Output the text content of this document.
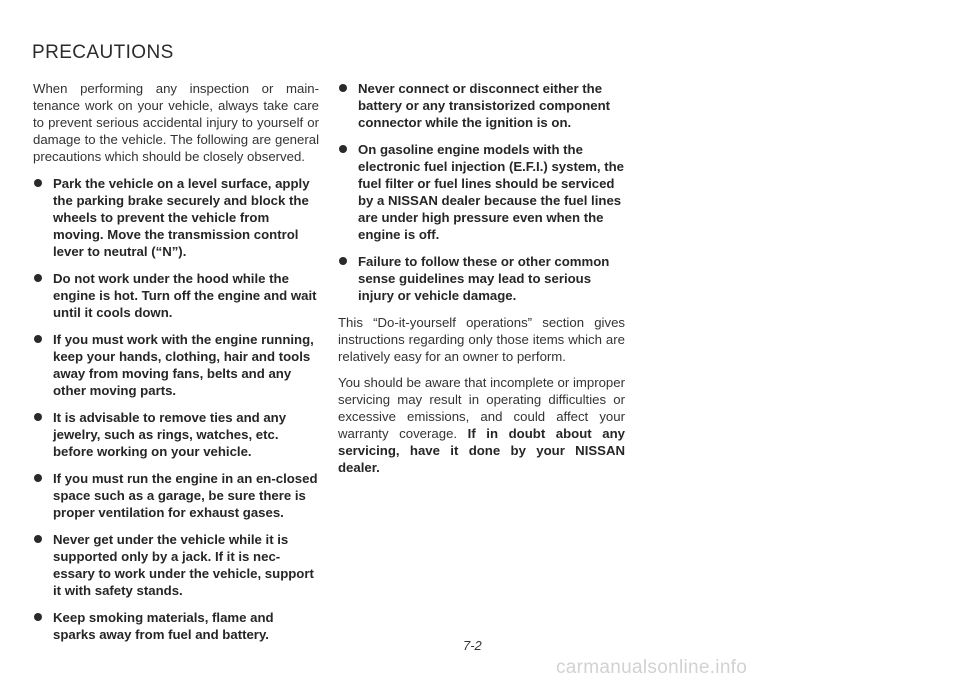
PRECAUTIONS

When performing any inspection or main-tenance work on your vehicle, always take care to prevent serious accidental injury to yourself or damage to the vehicle. The following are general precautions which should be closely observed.

Park the vehicle on a level surface, apply the parking brake securely and block the wheels to prevent the vehicle from moving. Move the transmission control lever to neutral (“N”).
Do not work under the hood while the engine is hot. Turn off the engine and wait until it cools down.
If you must work with the engine running, keep your hands, clothing, hair and tools away from moving fans, belts and any other moving parts.
It is advisable to remove ties and any jewelry, such as rings, watches, etc. before working on your vehicle.
If you must run the engine in an en-closed space such as a garage, be sure there is proper ventilation for exhaust gases.
Never get under the vehicle while it is supported only by a jack. If it is nec-essary to work under the vehicle, support it with safety stands.
Keep smoking materials, flame and sparks away from fuel and battery.
Never connect or disconnect either the battery or any transistorized component connector while the ignition is on.
On gasoline engine models with the electronic fuel injection (E.F.I.) system, the fuel filter or fuel lines should be serviced by a NISSAN dealer because the fuel lines are under high pressure even when the engine is off.
Failure to follow these or other common sense guidelines may lead to serious injury or vehicle damage.

This “Do-it-yourself operations” section gives instructions regarding only those items which are relatively easy for an owner to perform.

You should be aware that incomplete or improper servicing may result in operating difficulties or excessive emissions, and could affect your warranty coverage. If in doubt about any servicing, have it done by your NISSAN dealer.

7-2
carmanualsonline.info
